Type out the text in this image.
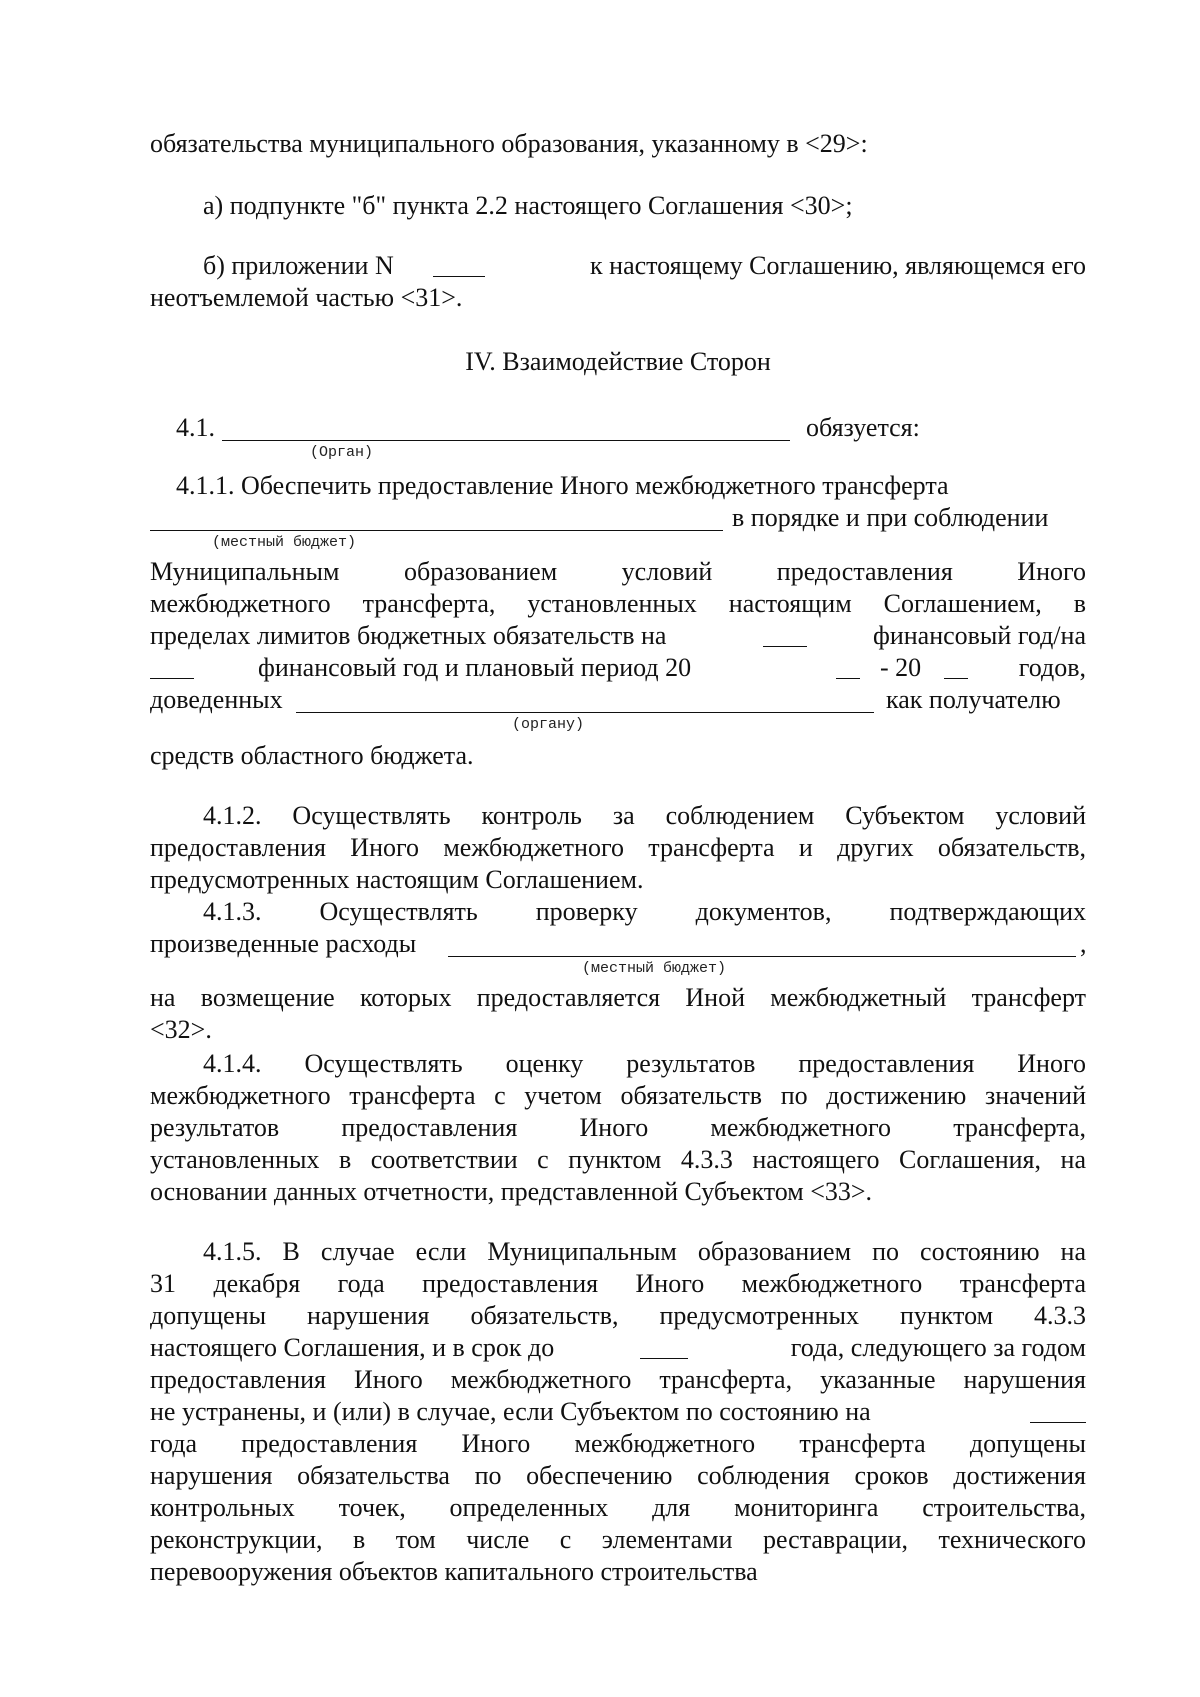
обязательства муниципального образования, указанному в <29>:
а) подпункте "б" пункта 2.2 настоящего Соглашения <30>;
б) приложении N	к настоящему Соглашению, являющемся его
неотъемлемой частью <31>.
IV. Взаимодействие Сторон
4.1.	обязуется:
(Орган)
4.1.1. Обеспечить предоставление Иного межбюджетного трансферта
в порядке и при соблюдении
(местный бюджет)
Муниципальным образованием условий предоставления Иного
межбюджетного трансферта, установленных настоящим Соглашением, в
пределах лимитов бюджетных обязательств на	финансовый год/на
финансовый год и плановый период 20	- 20	годов,
доведенных	как получателю
(органу)
средств областного бюджета.
4.1.2. Осуществлять контроль за соблюдением Субъектом условий
предоставления Иного межбюджетного трансферта и других обязательств,
предусмотренных настоящим Соглашением.
4.1.3. Осуществлять проверку документов, подтверждающих
произведенные расходы	,
(местный бюджет)
на возмещение которых предоставляется Иной межбюджетный трансферт
<32>.
4.1.4. Осуществлять оценку результатов предоставления Иного
межбюджетного трансферта с учетом обязательств по достижению значений
результатов предоставления Иного межбюджетного трансферта,
установленных в соответствии с пунктом 4.3.3 настоящего Соглашения, на
основании данных отчетности, представленной Субъектом <33>.
4.1.5. В случае если Муниципальным образованием по состоянию на
31 декабря года предоставления Иного межбюджетного трансферта
допущены нарушения обязательств, предусмотренных пунктом 4.3.3
настоящего Соглашения, и в срок до	года, следующего за годом
предоставления Иного межбюджетного трансферта, указанные нарушения
не устранены, и (или) в случае, если Субъектом по состоянию на
года предоставления Иного межбюджетного трансферта допущены
нарушения обязательства по обеспечению соблюдения сроков достижения
контрольных точек, определенных для мониторинга строительства,
реконструкции, в том числе с элементами реставрации, технического
перевооружения объектов капитального строительства
